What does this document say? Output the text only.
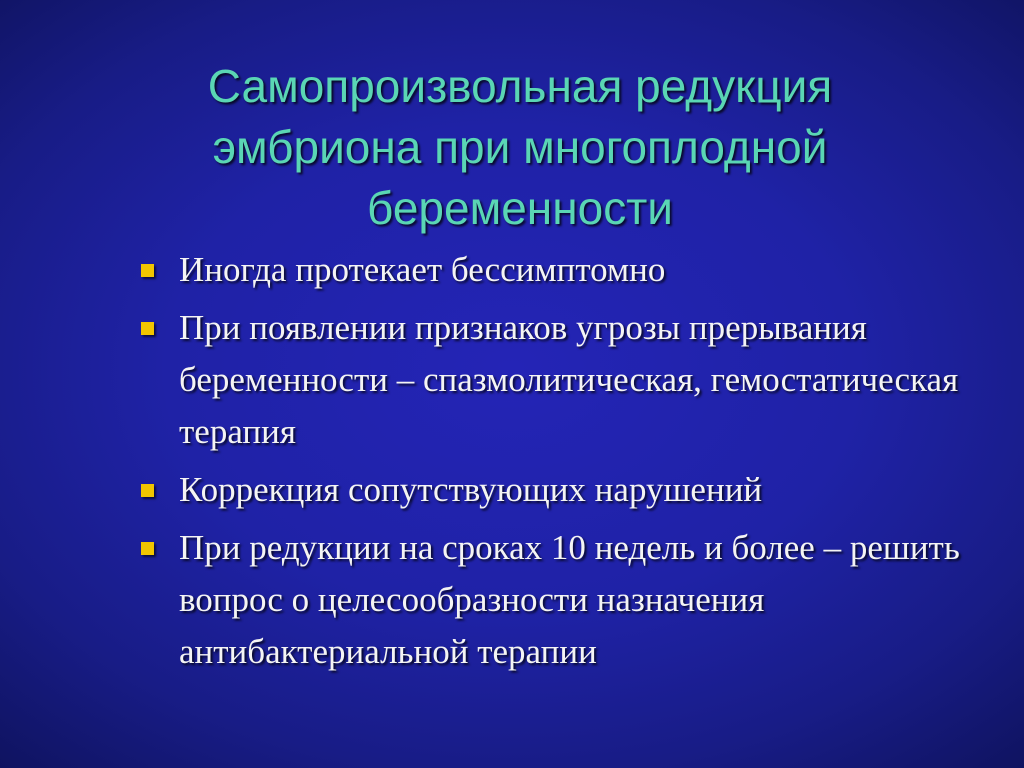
Самопроизвольная редукция эмбриона при многоплодной беременности
Иногда протекает бессимптомно
При появлении признаков угрозы прерывания беременности – спазмолитическая, гемостатическая терапия
Коррекция сопутствующих нарушений
При редукции на сроках 10 недель и более – решить вопрос о целесообразности назначения антибактериальной терапии
